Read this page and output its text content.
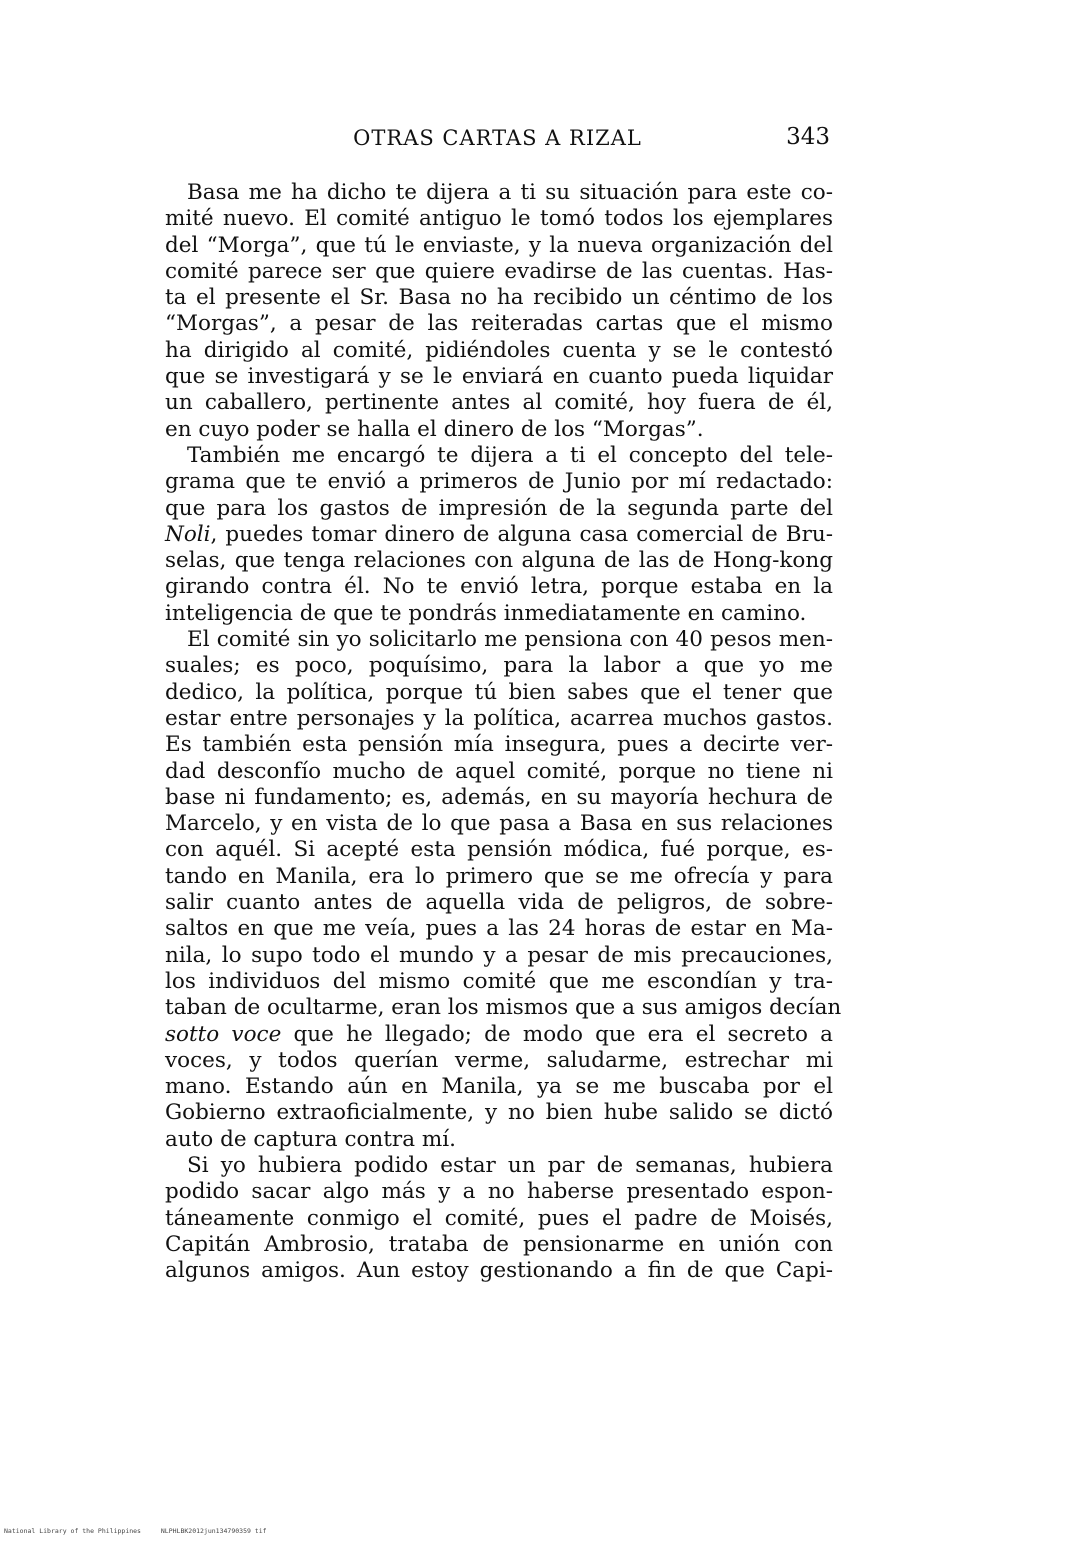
OTRAS CARTAS A RIZAL	343
Basa me ha dicho te dijera a ti su situación para este co-
mité nuevo. El comité antiguo le tomó todos los ejemplares
del “Morga”, que tú le enviaste, y la nueva organización del
comité parece ser que quiere evadirse de las cuentas. Has-
ta el presente el Sr. Basa no ha recibido un céntimo de los
“Morgas”, a pesar de las reiteradas cartas que el mismo
ha dirigido al comité, pidiéndoles cuenta y se le contestó
que se investigará y se le enviará en cuanto pueda liquidar
un caballero, pertinente antes al comité, hoy fuera de él,
en cuyo poder se halla el dinero de los “Morgas”.
También me encargó te dijera a ti el concepto del tele-
grama que te envió a primeros de Junio por mí redactado:
que para los gastos de impresión de la segunda parte del
Noli, puedes tomar dinero de alguna casa comercial de Bru-
selas, que tenga relaciones con alguna de las de Hong-kong
girando contra él. No te envió letra, porque estaba en la
inteligencia de que te pondrás inmediatamente en camino.
El comité sin yo solicitarlo me pensiona con 40 pesos men-
suales; es poco, poquísimo, para la labor a que yo me
dedico, la política, porque tú bien sabes que el tener que
estar entre personajes y la política, acarrea muchos gastos.
Es también esta pensión mía insegura, pues a decirte ver-
dad desconfío mucho de aquel comité, porque no tiene ni
base ni fundamento; es, además, en su mayoría hechura de
Marcelo, y en vista de lo que pasa a Basa en sus relaciones
con aquél. Si acepté esta pensión módica, fué porque, es-
tando en Manila, era lo primero que se me ofrecía y para
salir cuanto antes de aquella vida de peligros, de sobre-
saltos en que me veía, pues a las 24 horas de estar en Ma-
nila, lo supo todo el mundo y a pesar de mis precauciones,
los individuos del mismo comité que me escondían y tra-
taban de ocultarme, eran los mismos que a sus amigos decían
sotto voce que he llegado; de modo que era el secreto a
voces, y todos querían verme, saludarme, estrechar mi
mano. Estando aún en Manila, ya se me buscaba por el
Gobierno extraoficialmente, y no bien hube salido se dictó
auto de captura contra mí.
Si yo hubiera podido estar un par de semanas, hubiera
podido sacar algo más y a no haberse presentado espon-
táneamente conmigo el comité, pues el padre de Moisés,
Capitán Ambrosio, trataba de pensionarme en unión con
algunos amigos. Aun estoy gestionando a fin de que Capi-
National Library of the Philippines	NLPHLBK2012jun134790359 tif
